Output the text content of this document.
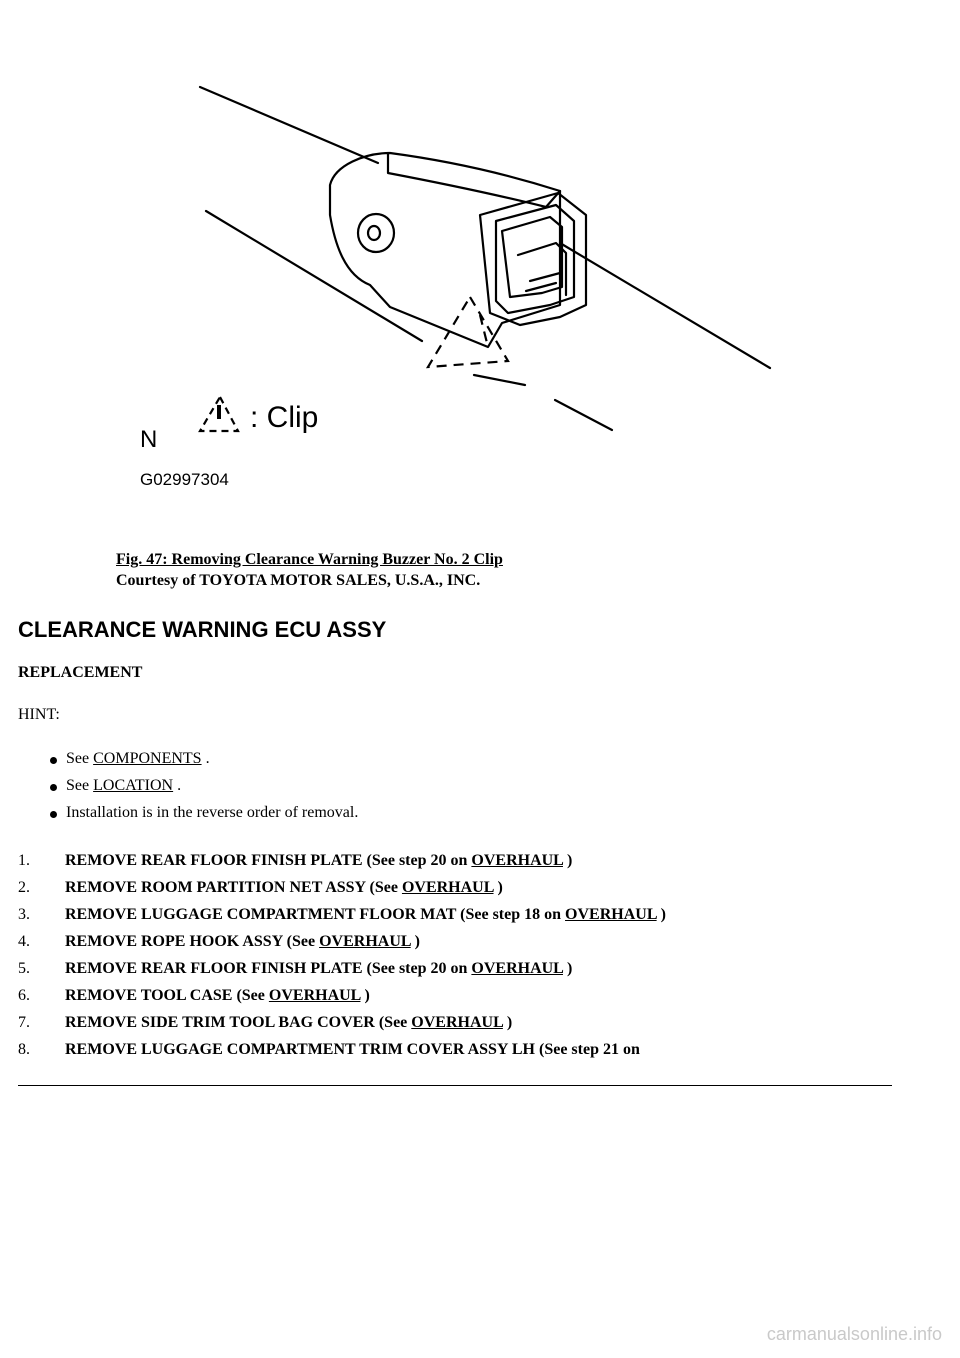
: Clip
N
G02997304
Fig. 47: Removing Clearance Warning Buzzer No. 2 Clip
Courtesy of TOYOTA MOTOR SALES, U.S.A., INC.
CLEARANCE WARNING ECU ASSY
REPLACEMENT
HINT:
See COMPONENTS .
See LOCATION .
Installation is in the reverse order of removal.
1. REMOVE REAR FLOOR FINISH PLATE (See step 20 on OVERHAUL )
2. REMOVE ROOM PARTITION NET ASSY (See OVERHAUL )
3. REMOVE LUGGAGE COMPARTMENT FLOOR MAT (See step 18 on OVERHAUL )
4. REMOVE ROPE HOOK ASSY (See OVERHAUL )
5. REMOVE REAR FLOOR FINISH PLATE (See step 20 on OVERHAUL )
6. REMOVE TOOL CASE (See OVERHAUL )
7. REMOVE SIDE TRIM TOOL BAG COVER (See OVERHAUL )
8. REMOVE LUGGAGE COMPARTMENT TRIM COVER ASSY LH (See step 21 on
carmanualsonline.info
